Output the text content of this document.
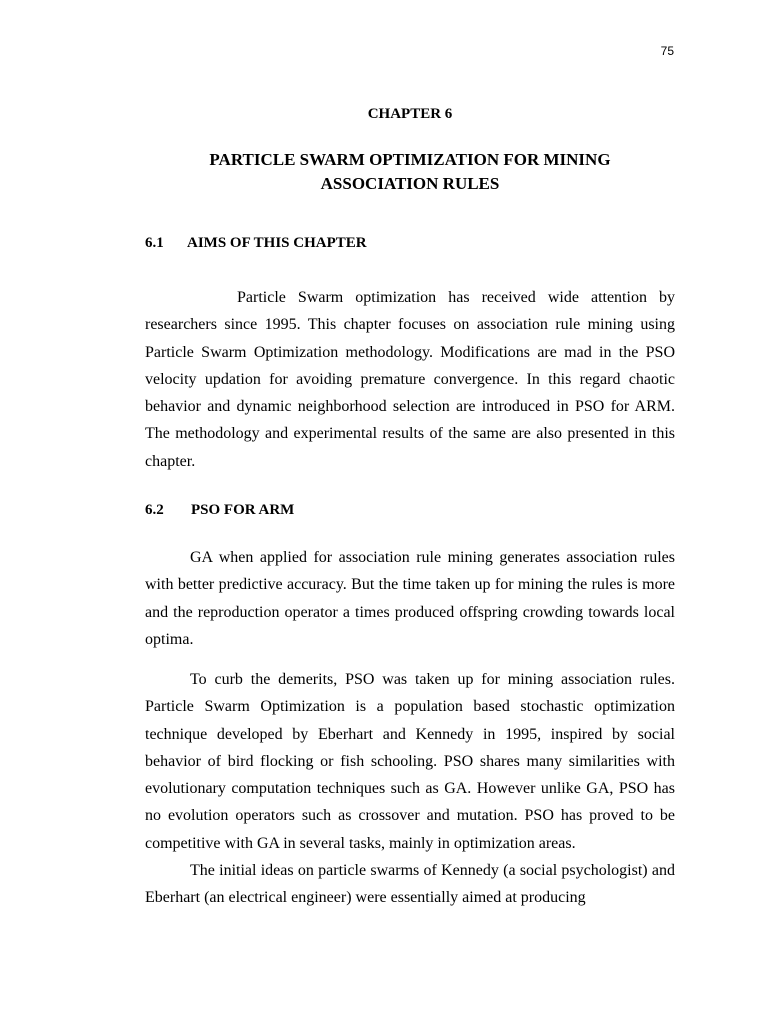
75
CHAPTER 6
PARTICLE SWARM OPTIMIZATION FOR MINING
ASSOCIATION RULES
6.1 AIMS OF THIS CHAPTER

Particle Swarm optimization has received wide attention by researchers since 1995. This chapter focuses on association rule mining using Particle Swarm Optimization methodology. Modifications are mad in the PSO velocity updation for avoiding premature convergence. In this regard chaotic behavior and dynamic neighborhood selection are introduced in PSO for ARM. The methodology and experimental results of the same are also presented in this chapter.

6.2 PSO FOR ARM

GA when applied for association rule mining generates association rules with better predictive accuracy. But the time taken up for mining the rules is more and the reproduction operator a times produced offspring crowding towards local optima.

To curb the demerits, PSO was taken up for mining association rules. Particle Swarm Optimization is a population based stochastic optimization technique developed by Eberhart and Kennedy in 1995, inspired by social behavior of bird flocking or fish schooling. PSO shares many similarities with evolutionary computation techniques such as GA. However unlike GA, PSO has no evolution operators such as crossover and mutation. PSO has proved to be competitive with GA in several tasks, mainly in optimization areas.

The initial ideas on particle swarms of Kennedy (a social psychologist) and Eberhart (an electrical engineer) were essentially aimed at producing
